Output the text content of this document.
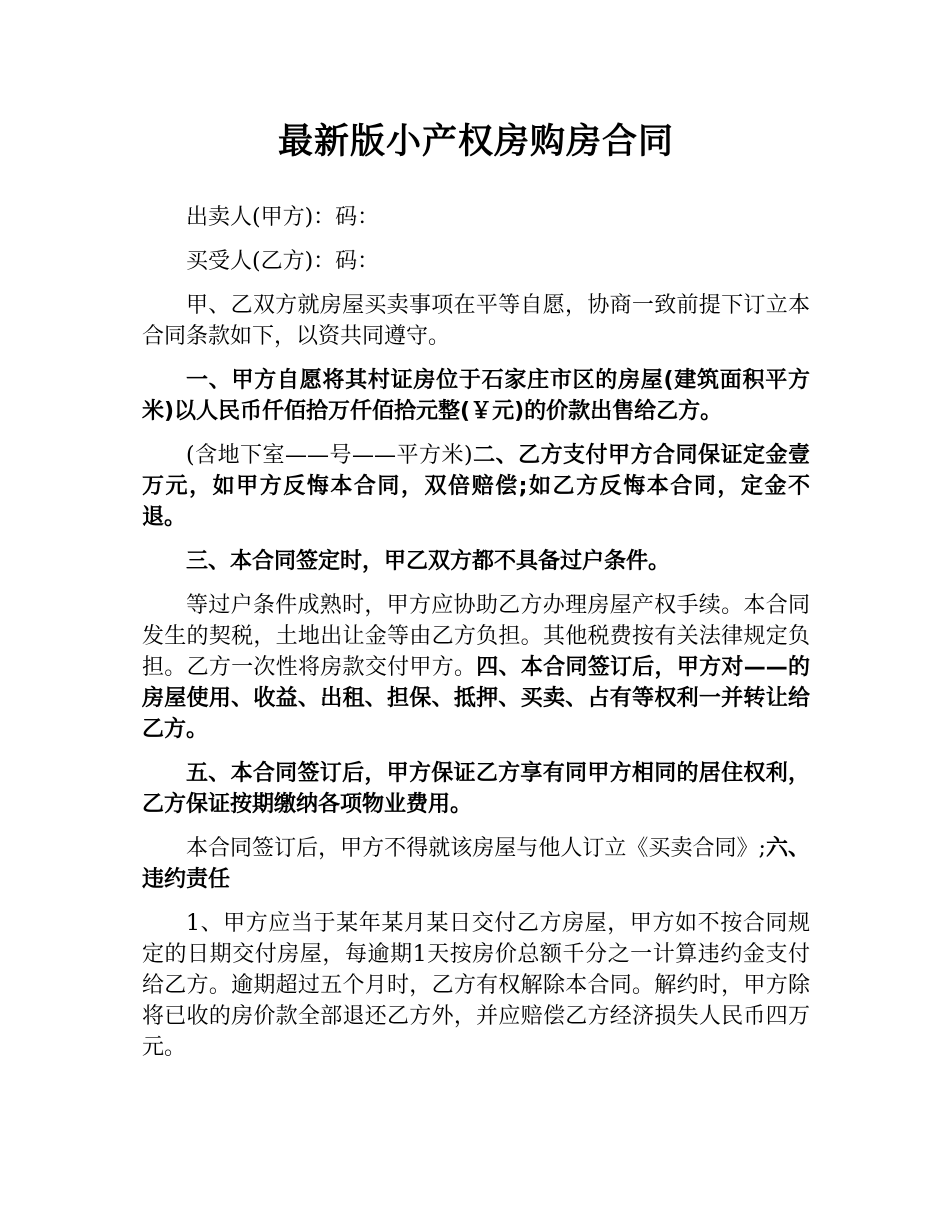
最新版小产权房购房合同

出卖人(甲方)：码：

买受人(乙方)：码：

甲、乙双方就房屋买卖事项在平等自愿，协商一致前提下订立本合同条款如下，以资共同遵守。

一、甲方自愿将其村证房位于石家庄市区的房屋(建筑面积平方米)以人民币仟佰拾万仟佰拾元整(￥元)的价款出售给乙方。

(含地下室——号——平方米)二、乙方支付甲方合同保证定金壹万元，如甲方反悔本合同，双倍赔偿;如乙方反悔本合同，定金不退。

三、本合同签定时，甲乙双方都不具备过户条件。

等过户条件成熟时，甲方应协助乙方办理房屋产权手续。本合同发生的契税，土地出让金等由乙方负担。其他税费按有关法律规定负担。乙方一次性将房款交付甲方。四、本合同签订后，甲方对——的房屋使用、收益、出租、担保、抵押、买卖、占有等权利一并转让给乙方。

五、本合同签订后，甲方保证乙方享有同甲方相同的居住权利，乙方保证按期缴纳各项物业费用。

本合同签订后，甲方不得就该房屋与他人订立《买卖合同》;六、违约责任

1、甲方应当于某年某月某日交付乙方房屋，甲方如不按合同规定的日期交付房屋，每逾期1天按房价总额千分之一计算违约金支付给乙方。逾期超过五个月时，乙方有权解除本合同。解约时，甲方除将已收的房价款全部退还乙方外，并应赔偿乙方经济损失人民币四万元。
